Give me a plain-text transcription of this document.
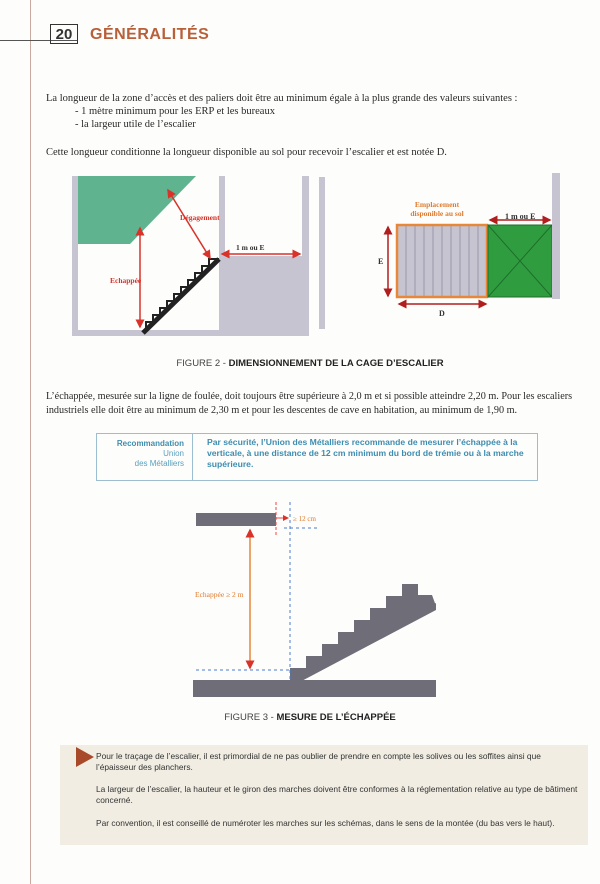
20	GÉNÉRALITÉS
La longueur de la zone d’accès et des paliers doit être au minimum égale à la plus grande des valeurs suivantes :
- 1 mètre minimum pour les ERP et les bureaux
- la largeur utile de l’escalier
Cette longueur conditionne la longueur disponible au sol pour recevoir l’escalier et est notée D.
Dégagement
Echappée
1 m ou E
Emplacement
disponible au sol	1 m ou E
E
D
≥ 12 cm
Echappée ≥ 2 m
FIGURE 2 - DIMENSIONNEMENT DE LA CAGE D’ESCALIER
L’échappée, mesurée sur la ligne de foulée, doit toujours être supérieure à 2,0 m et si possible atteindre 2,20 m. Pour les escaliers
industriels elle doit être au minimum de 2,30 m et pour les descentes de cave en habitation, au minimum de 1,90 m.
Recommandation
Union
des Métalliers
Par sécurité, l’Union des Métalliers recommande de mesurer l’échappée à la verticale, à une distance de 12 cm minimum du bord de trémie ou à la marche supérieure.
FIGURE 3 - MESURE DE L’ÉCHAPPÉE
Pour le traçage de l’escalier, il est primordial de ne pas oublier de prendre en compte les solives ou les soffites ainsi que l’épaisseur des planchers.
La largeur de l’escalier, la hauteur et le giron des marches doivent être conformes à la réglementation relative au type de bâtiment concerné.
Par convention, il est conseillé de numéroter les marches sur les schémas, dans le sens de la montée (du bas vers le haut).
